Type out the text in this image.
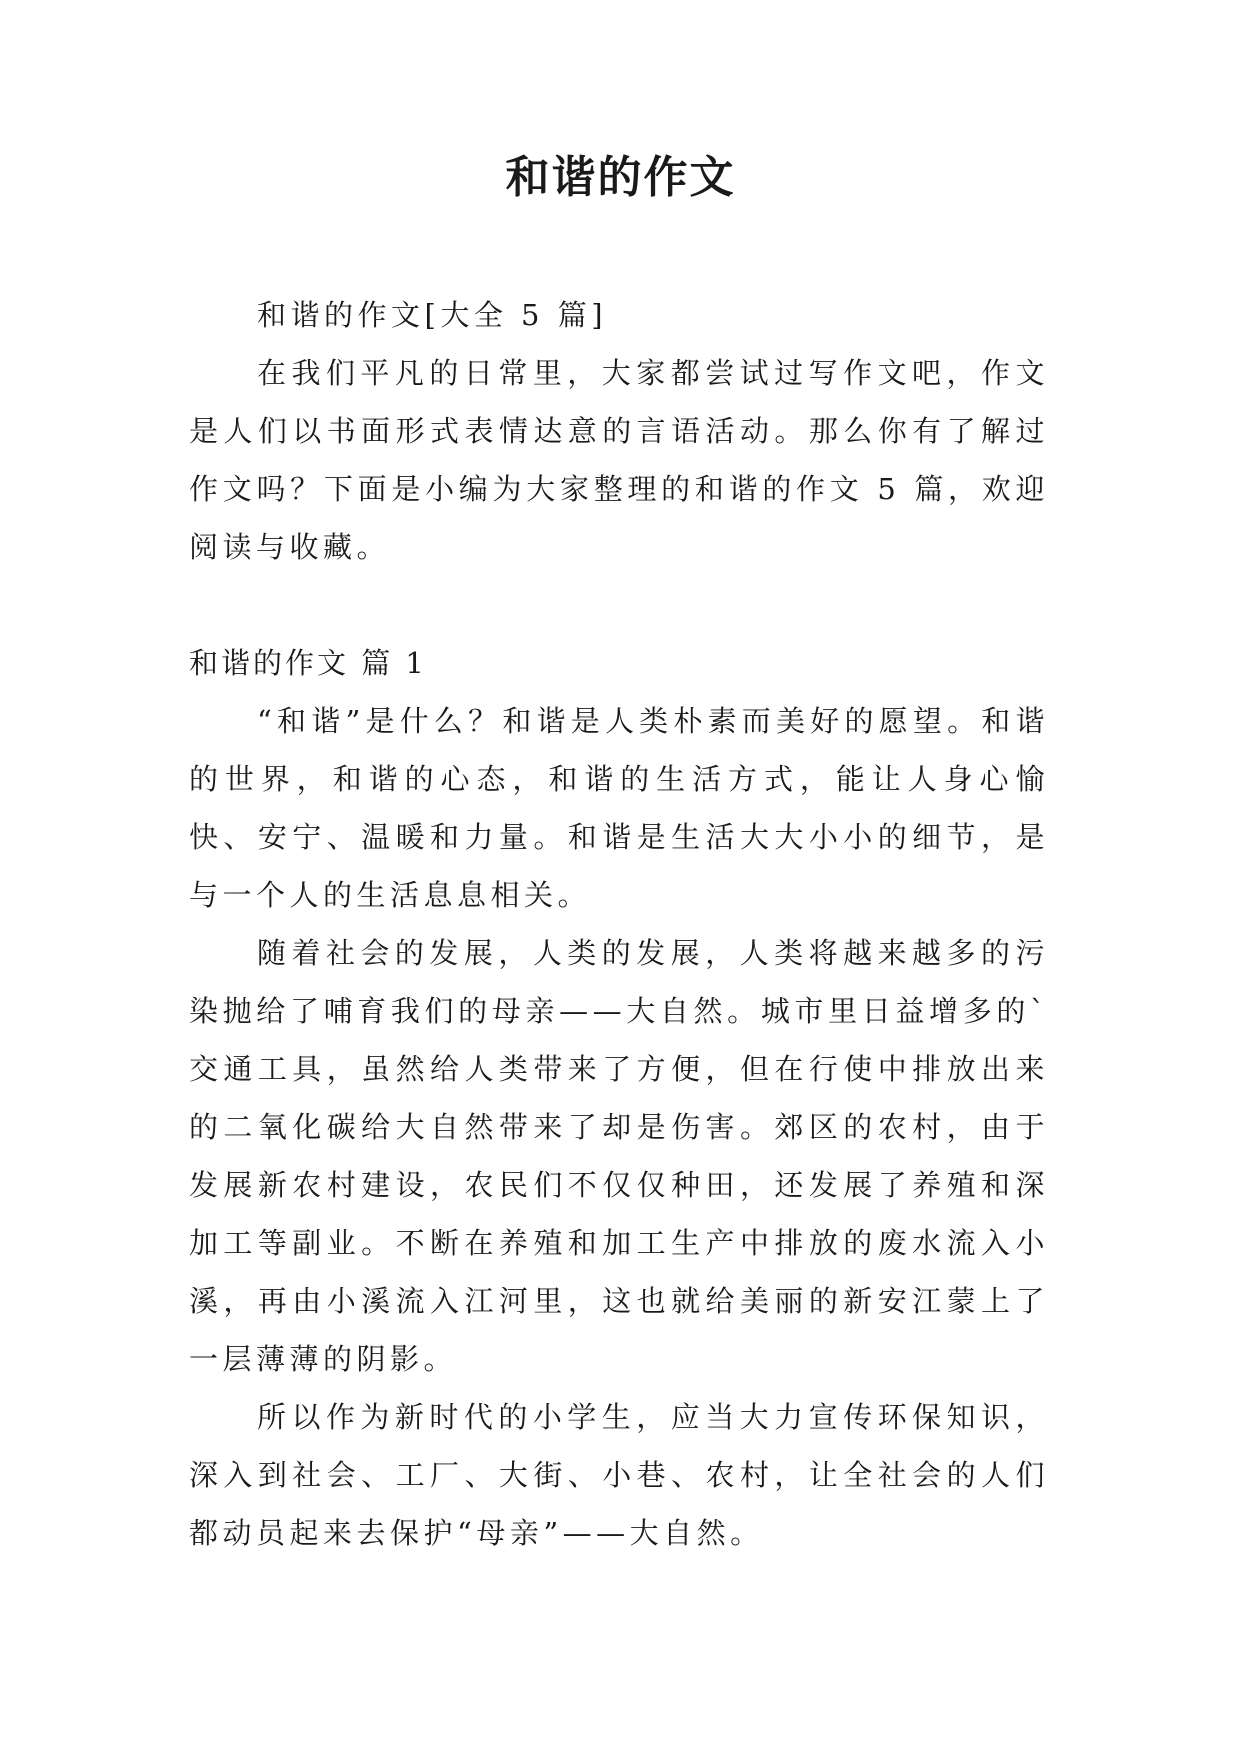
和谐的作文

和谐的作文[大全 5 篇]

在我们平凡的日常里，大家都尝试过写作文吧，作文是人们以书面形式表情达意的言语活动。那么你有了解过作文吗？下面是小编为大家整理的和谐的作文 5 篇，欢迎阅读与收藏。

和谐的作文 篇 1

“和谐”是什么？和谐是人类朴素而美好的愿望。和谐的世界，和谐的心态，和谐的生活方式，能让人身心愉快、安宁、温暖和力量。和谐是生活大大小小的细节，是与一个人的生活息息相关。

随着社会的发展，人类的发展，人类将越来越多的污染抛给了哺育我们的母亲——大自然。城市里日益增多的`交通工具，虽然给人类带来了方便，但在行使中排放出来的二氧化碳给大自然带来了却是伤害。郊区的农村，由于发展新农村建设，农民们不仅仅种田，还发展了养殖和深加工等副业。不断在养殖和加工生产中排放的废水流入小溪，再由小溪流入江河里，这也就给美丽的新安江蒙上了一层薄薄的阴影。

所以作为新时代的小学生，应当大力宣传环保知识，深入到社会、工厂、大街、小巷、农村，让全社会的人们都动员起来去保护“母亲”——大自然。
